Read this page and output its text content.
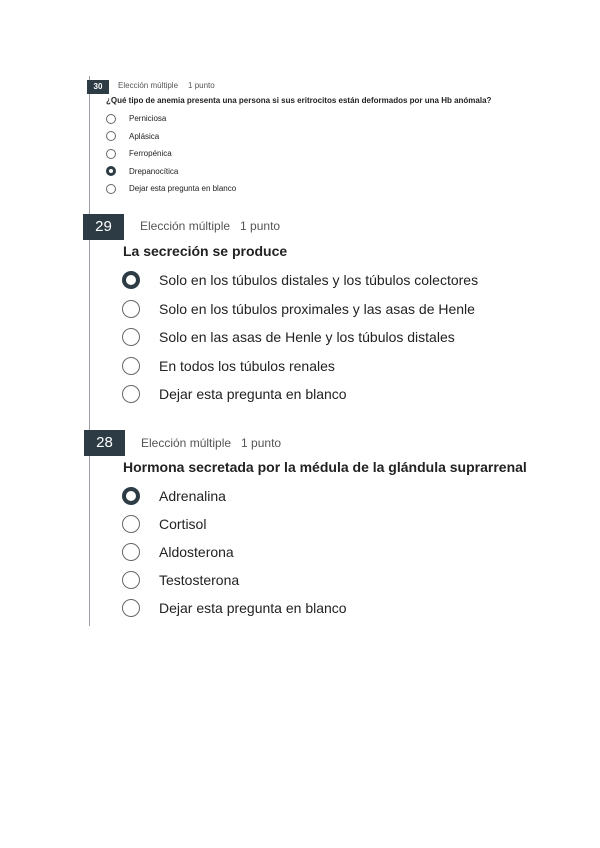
30	Elección múltiple 1 punto
¿Qué tipo de anemia presenta una persona si sus eritrocitos están deformados por una Hb anómala?
Perniciosa
Aplásica
Ferropénica
Drepanocítica
Dejar esta pregunta en blanco
29	Elección múltiple 1 punto
La secreción se produce
Solo en los túbulos distales y los túbulos colectores
Solo en los túbulos proximales y las asas de Henle
Solo en las asas de Henle y los túbulos distales
En todos los túbulos renales
Dejar esta pregunta en blanco
28	Elección múltiple 1 punto
Hormona secretada por la médula de la glándula suprarrenal
Adrenalina
Cortisol
Aldosterona
Testosterona
Dejar esta pregunta en blanco
